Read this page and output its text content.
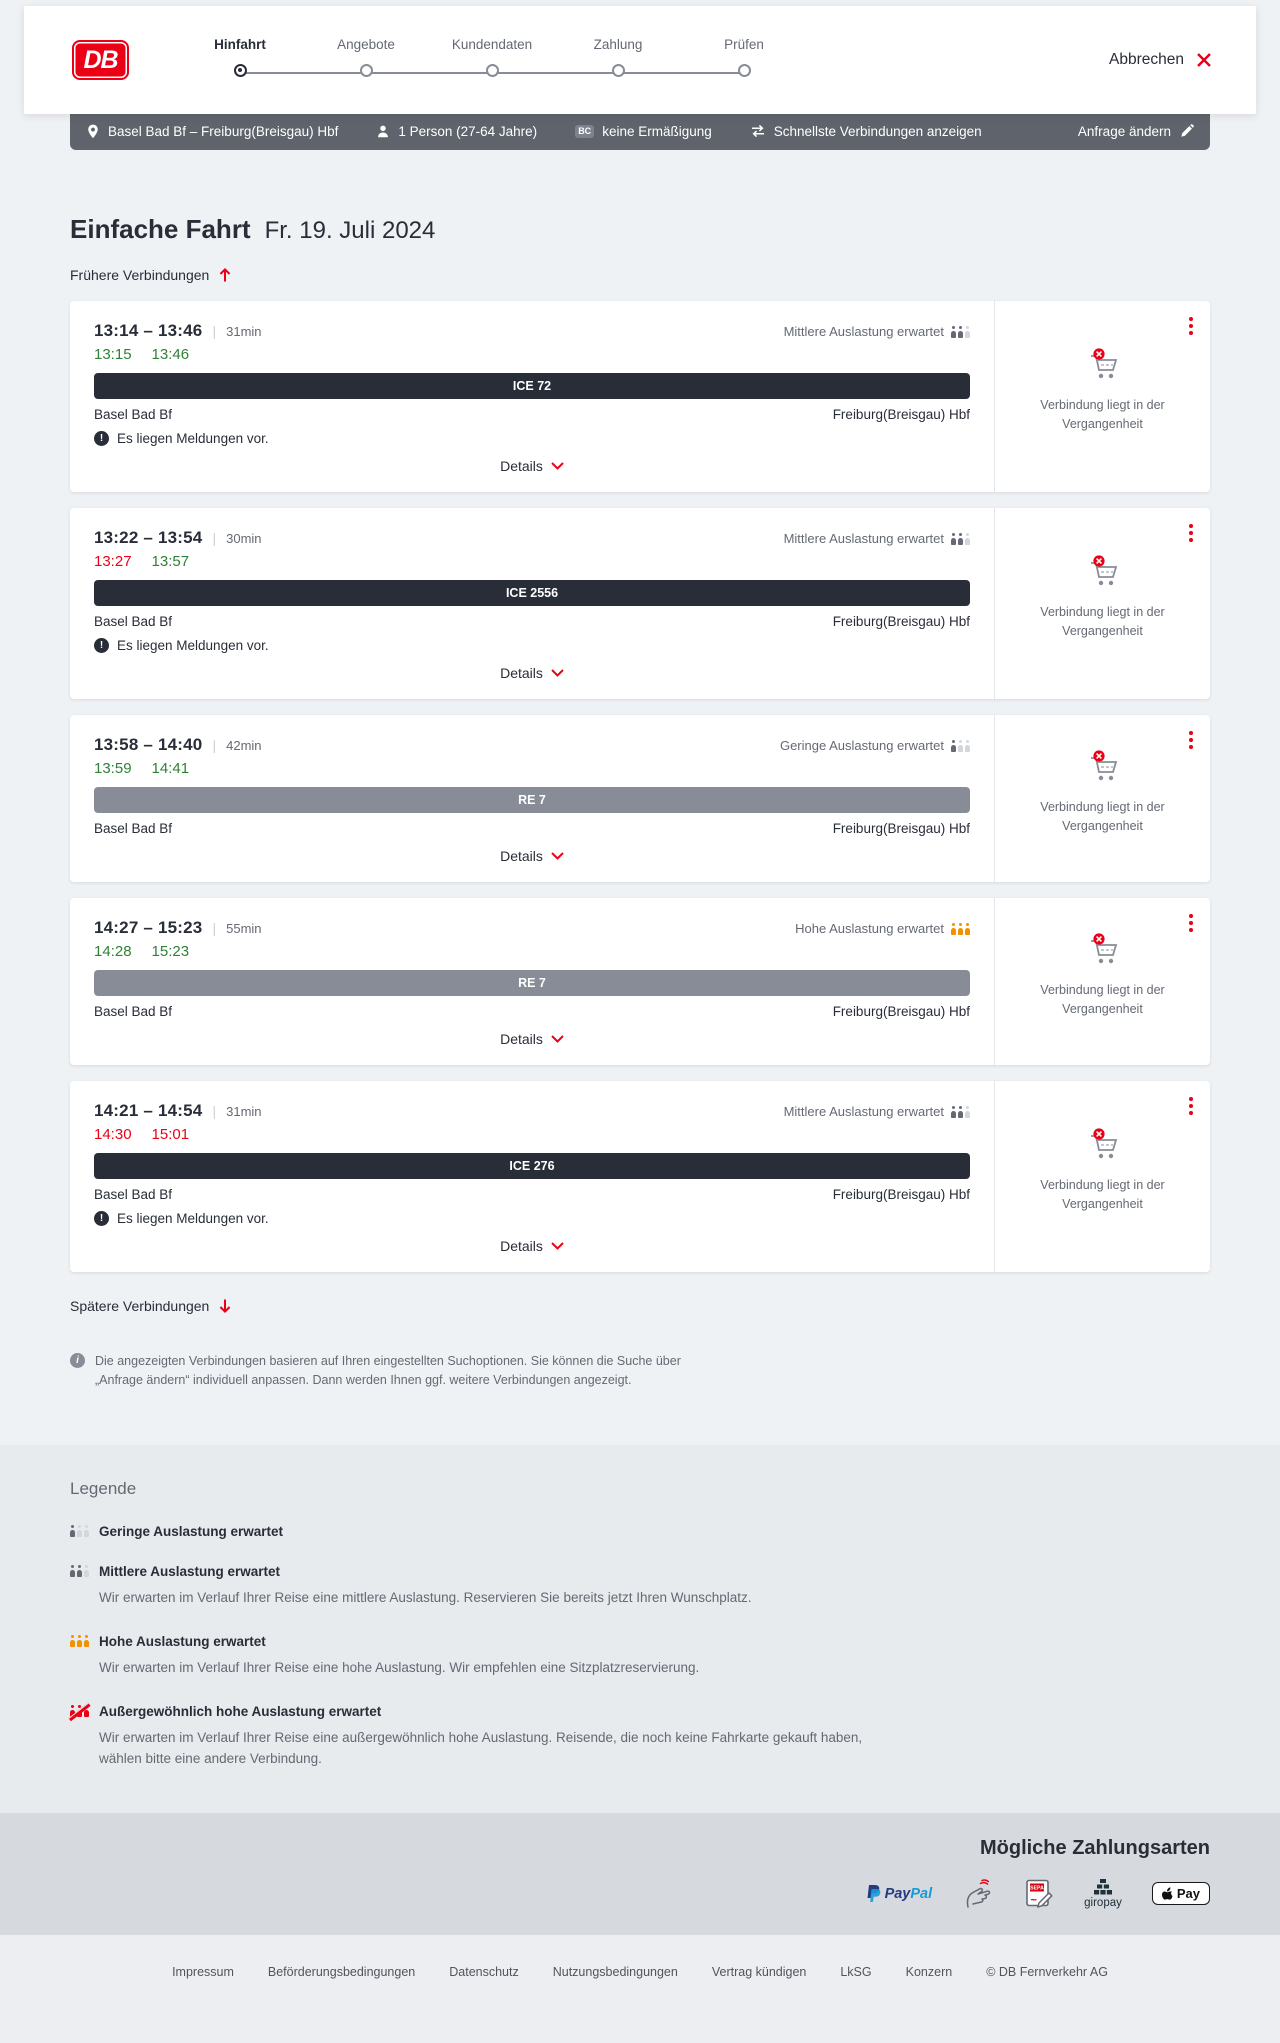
DB
Hinfahrt	Angebote	Kundendaten	Zahlung	Prüfen
Abbrechen
Basel Bad Bf – Freiburg(Breisgau) Hbf	1 Person (27-64 Jahre)	BC keine Ermäßigung	Schnellste Verbindungen anzeigen	Anfrage ändern
Einfache Fahrt Fr. 19. Juli 2024
Frühere Verbindungen
13:14 – 13:46 | 31min	Mittlere Auslastung erwartet
13:15 13:46
ICE 72
Basel Bad Bf	Freiburg(Breisgau) Hbf
!
Es liegen Meldungen vor.
Details

Verbindung liegt in der Vergangenheit

13:22 – 13:54 | 30min	Mittlere Auslastung erwartet
13:27 13:57
ICE 2556
Basel Bad Bf	Freiburg(Breisgau) Hbf
!
Es liegen Meldungen vor.
Details

Verbindung liegt in der Vergangenheit

13:58 – 14:40 | 42min	Geringe Auslastung erwartet
13:59 14:41
RE 7
Basel Bad Bf	Freiburg(Breisgau) Hbf
Details

Verbindung liegt in der Vergangenheit

14:27 – 15:23 | 55min	Hohe Auslastung erwartet
14:28 15:23
RE 7
Basel Bad Bf	Freiburg(Breisgau) Hbf
Details

Verbindung liegt in der Vergangenheit

14:21 – 14:54 | 31min	Mittlere Auslastung erwartet
14:30 15:01
ICE 276
Basel Bad Bf	Freiburg(Breisgau) Hbf
!
Es liegen Meldungen vor.
Details

Verbindung liegt in der Vergangenheit

Spätere Verbindungen
i
Die angezeigten Verbindungen basieren auf Ihren eingestellten Suchoptionen. Sie können die Suche über „Anfrage ändern“ individuell anpassen. Dann werden Ihnen ggf. weitere Verbindungen angezeigt.
Legende
Geringe Auslastung erwartet
Mittlere Auslastung erwartet

Wir erwarten im Verlauf Ihrer Reise eine mittlere Auslastung. Reservieren Sie bereits jetzt Ihren Wunschplatz.

Hohe Auslastung erwartet

Wir erwarten im Verlauf Ihrer Reise eine hohe Auslastung. Wir empfehlen eine Sitzplatzreservierung.

Außergewöhnlich hohe Auslastung erwartet

Wir erwarten im Verlauf Ihrer Reise eine außergewöhnlich hohe Auslastung. Reisende, die noch keine Fahrkarte gekauft haben, wählen bitte eine andere Verbindung.

Mögliche Zahlungsarten
PayPal	SEPA
giropay
Pay
Impressum	Beförderungsbedingungen	Datenschutz	Nutzungsbedingungen	Vertrag kündigen	LkSG	Konzern	© DB Fernverkehr AG
